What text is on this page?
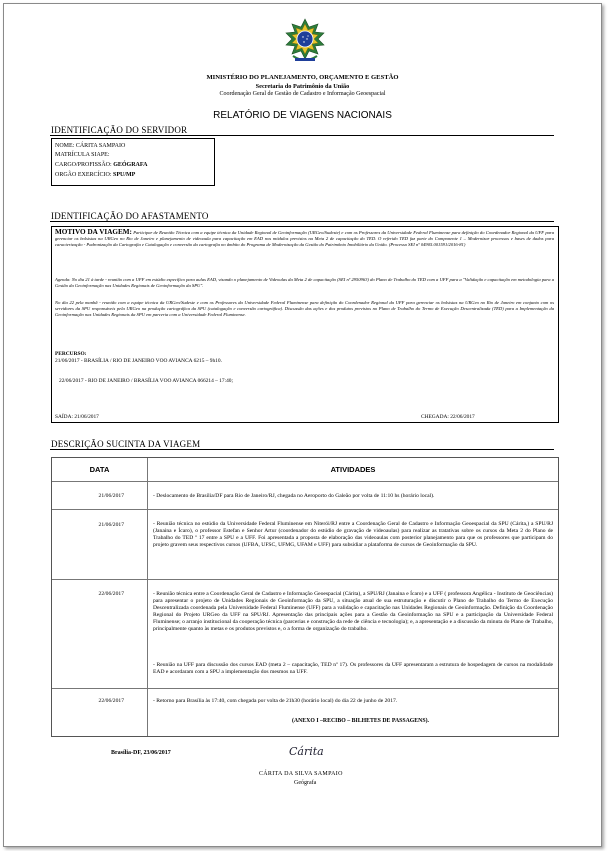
MINISTÉRIO DO PLANEJAMENTO, ORÇAMENTO E GESTÃO
Secretaria do Patrimônio da União
Coordenação Geral de Gestão de Cadastro e Informação Geoespacial
RELATÓRIO DE VIAGENS NACIONAIS
IDENTIFICAÇÃO DO SERVIDOR
NOME: CÁRITA SAMPAIO
MATRÍCULA SIAPE:
CARGO/PROFISSÃO: GEÓGRAFA
ORGÃO EXERCÍCIO: SPU/MP
IDENTIFICAÇÃO DO AFASTAMENTO
MOTIVO DA VIAGEM: Participar de Reunião Técnica com a equipe técnica da Unidade Regional de Geoinformação (URGeo/Sudeste) e com os Professores da Universidade Federal Fluminense para definição do Coordenador Regional da UFF para gerenciar os bolsistas na URGeo no Rio de Janeiro e planejamento de videoaula para capacitação em EAD nos módulos previstos na Meta 2 de capacitação do TED. O referido TED faz parte do Componente 1 – Modernizar processos e bases de dados para caracterização - Padronização da Cartografia e Catalogação e conversão da cartografia no âmbito do Programa de Modernização da Gestão do Patrimônio Imobiliário da União. (Processo SEI nº 04905.001591/2016-81)
Agenda: No dia 21 à tarde - reunião com a UFF em estúdio específico para aulas EAD, visando o planejamento de Videoulas da Meta 2 de capacitação (SEI nº 2950963) do Plano de Trabalho do TED com a UFF para a "Validação e capacitação em metodologia para a Gestão da Geoinformação nas Unidades Regionais de Geoinformação da SPU".
No dia 22 pela manhã - reunião com a equipe técnica da URGeo/Sudeste e com os Professores da Universidade Federal Fluminense para definição do Coordenador Regional da UFF para gerenciar os bolsistas na URGeo no Rio de Janeiro em conjunto com os servidores da SPU responsáveis pela URGeo na produção cartográfica da SPU (catalogação e conversão cartográfica). Discussão das ações e dos produtos previstos no Plano de Trabalho do Termo de Execução Descentralizada (TED) para a Implementação da Geoinformação nas Unidades Regionais da SPU em parceria com a Universidade Federal Fluminense.
PERCURSO:
21/06/2017 - BRASÍLIA / RIO DE JANEIRO VOO AVIANCA 6215 – 9h10.
22/06/2017 - RIO DE JANEIRO / BRASÍLIA VOO AVIANCA 066214 – 17:40;
SAÍDA: 21/06/2017	CHEGADA: 22/06/2017
DESCRIÇÃO SUCINTA DA VIAGEM
DATA	ATIVIDADES
21/06/2017	- Deslocamento de Brasília/DF para Rio de Janeiro/RJ, chegada no Aeroporto do Galeão por volta de 11:10 hs (horário local).
21/06/2017	- Reunião técnica no estúdio da Universidade Federal Fluminense em Niterói/RJ entre a Coordenação Geral de Cadastro e Informação Geoespacial da SPU (Cárita,) a SPU/RJ (Janaina e Ícaro), o professor Estefan e Senhor Artur (coordenador do estúdio de gravação de videoaulas) para realizar as tratativas sobre os cursos da Meta 2 do Plano de Trabalho do TED º 17 entre a SPU e a UFF. Foi apresentada a proposta de elaboração das videoaulas com posterior planejamento para que os professores que participam do projeto gravem seus respectivos cursos (UFBA, UFSC, UFMG, UFAM e UFF) para subsidiar a plataforma de cursos de Geoinformação da SPU.
22/06/2017	- Reunião técnica entre a Coordenação Geral de Cadastro e Informação Geoespacial (Cárita), a SPU/RJ (Janaina e Ícaro) e a UFF ( professora Angélica - Instituto de Geociências) para apresentar o projeto de Unidades Regionais de Geoinformação da SPU, a situação atual de sua estruturação e discutir o Plano de Trabalho do Termo de Execução Descentralizada coordenada pela Universidade Federal Fluminense (UFF) para a validação e capacitação nas Unidades Regionais de Geoinformação. Definição da Coordenação Regional do Projeto URGeo da UFF na SPU/RJ. Apresentação das principais ações para a Gestão da Geoinformação na SPU e a participação da Universidade Federal Fluminense; o arranjo institucional da cooperação técnica (parcerias e construção da rede de ciência e tecnologia); e, a apresentação e a discussão da minuta do Plano de Trabalho, principalmente quanto às metas e os produtos previstos e, o a forma de organização do trabalho.
- Reunião na UFF para discussão dos cursos EAD (meta 2 – capacitação, TED nº 17). Os professores da UFF apresentaram a estrutura de hospedagem de cursos na modalidade EAD e acordaram com a SPU a implementação dos mesmos na UFF.
22/06/2017	- Retorno para Brasília às 17:40, com chegada por volta de 21h30 (horário local) do dia 22 de junho de 2017.
(ANEXO I –RECIBO – BILHETES DE PASSAGENS).
Brasília-DF, 23/06/2017	Cárita
CÁRITA DA SILVA SAMPAIO
Geógrafa
